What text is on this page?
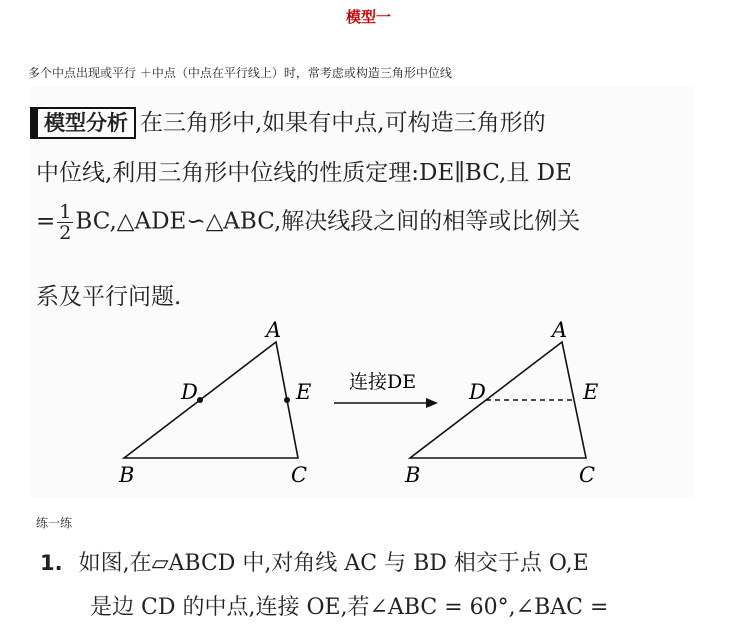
模型一
多个中点出现或平行 ＋中点（中点在平行线上）时，常考虑或构造三角形中位线
模型分析 在三角形中,如果有中点,可构造三角形的
中位线,利用三角形中位线的性质定理:DE∥BC,且 DE
= $\frac{1}{2}$ BC,△ADE∽△ABC,解决线段之间的相等或比例关
系及平行问题.
A
D	E
B	C
连接DE
A
D	E
B	C
练一练
1. 如图,在▱ABCD 中,对角线 AC 与 BD 相交于点 O,E
是边 CD 的中点,连接 OE,若∠ABC = 60°,∠BAC =
